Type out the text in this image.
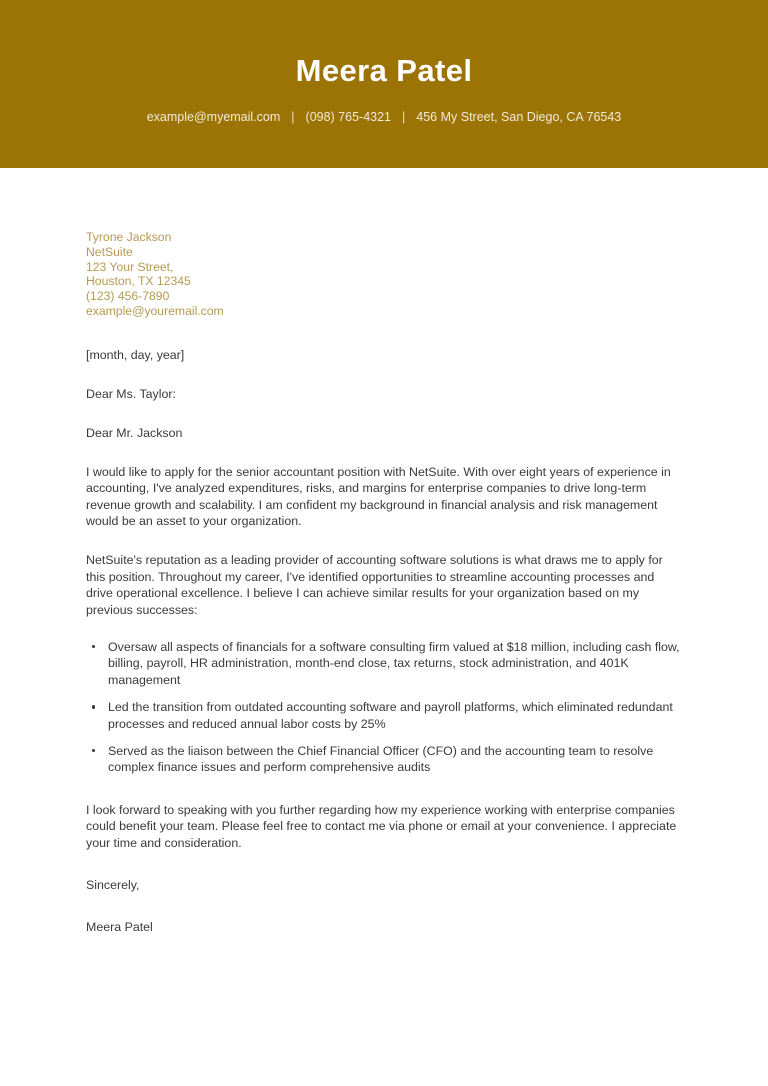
Meera Patel
example@myemail.com | (098) 765-4321 | 456 My Street, San Diego, CA 76543
Tyrone Jackson
NetSuite
123 Your Street,
Houston, TX 12345
(123) 456-7890
example@youremail.com
[month, day, year]
Dear Ms. Taylor:
Dear Mr. Jackson

I would like to apply for the senior accountant position with NetSuite. With over eight years of experience in accounting, I've analyzed expenditures, risks, and margins for enterprise companies to drive long-term revenue growth and scalability. I am confident my background in financial analysis and risk management would be an asset to your organization.

NetSuite's reputation as a leading provider of accounting software solutions is what draws me to apply for this position. Throughout my career, I've identified opportunities to streamline accounting processes and drive operational excellence. I believe I can achieve similar results for your organization based on my previous successes:

Oversaw all aspects of financials for a software consulting firm valued at $18 million, including cash flow, billing, payroll, HR administration, month-end close, tax returns, stock administration, and 401K management
Led the transition from outdated accounting software and payroll platforms, which eliminated redundant processes and reduced annual labor costs by 25%
Served as the liaison between the Chief Financial Officer (CFO) and the accounting team to resolve complex finance issues and perform comprehensive audits

I look forward to speaking with you further regarding how my experience working with enterprise companies could benefit your team. Please feel free to contact me via phone or email at your convenience. I appreciate your time and consideration.

Sincerely,
Meera Patel
